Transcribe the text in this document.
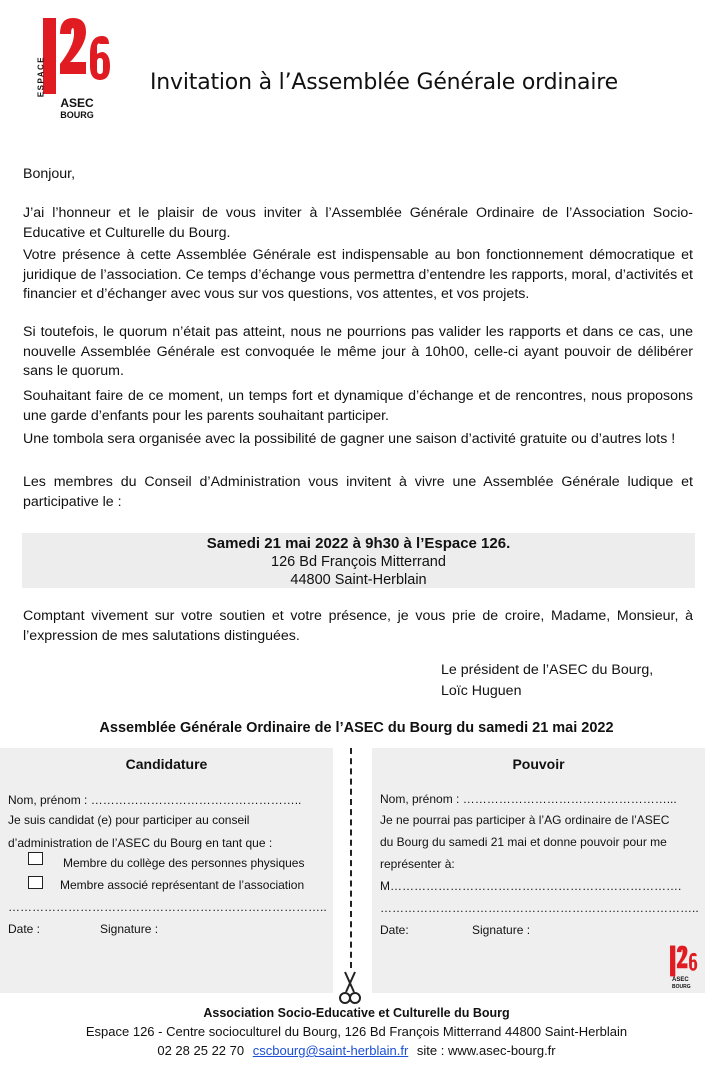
ESPACE
ASEC
BOURG
Invitation à l’Assemblée Générale ordinaire
Bonjour,
J’ai l’honneur et le plaisir de vous inviter à l’Assemblée Générale Ordinaire de l’Association Socio-Educative et Culturelle du Bourg.
Votre présence à cette Assemblée Générale est indispensable au bon fonctionnement démocratique et juridique de l’association. Ce temps d’échange vous permettra d’entendre les rapports, moral, d’activités et financier et d’échanger avec vous sur vos questions, vos attentes, et vos projets.
Si toutefois, le quorum n’était pas atteint, nous ne pourrions pas valider les rapports et dans ce cas, une nouvelle Assemblée Générale est convoquée le même jour à 10h00, celle-ci ayant pouvoir de délibérer sans le quorum.
Souhaitant faire de ce moment, un temps fort et dynamique d’échange et de rencontres, nous proposons une garde d’enfants pour les parents souhaitant participer.
Une tombola sera organisée avec la possibilité de gagner une saison d’activité gratuite ou d’autres lots !
Les membres du Conseil d’Administration vous invitent à vivre une Assemblée Générale ludique et participative le :
Samedi 21 mai 2022 à 9h30 à l’Espace 126.
126 Bd François Mitterrand
44800 Saint-Herblain
Comptant vivement sur votre soutien et votre présence, je vous prie de croire, Madame, Monsieur, à l’expression de mes salutations distinguées.
Le président de l’ASEC du Bourg,
Loïc Huguen
Assemblée Générale Ordinaire de l’ASEC du Bourg du samedi 21 mai 2022
Candidature
Nom, prénom : ……………………………………………..
Je suis candidat (e) pour participer au conseil
d’administration de l’ASEC du Bourg en tant que :
Membre du collège des personnes physiques
Membre associé représentant de l’association
……………………………………………………………………..
Date :	Signature :
Pouvoir
Nom, prénom : ……………………………………………...
Je ne pourrai pas participer à l’AG ordinaire de l’ASEC
du Bourg du samedi 21 mai et donne pouvoir pour me
représenter à:
M……………………………………………………………….
……………………………………………………………………..
Date:	Signature :
ASEC
BOURG
Association Socio-Educative et Culturelle du Bourg
Espace 126 - Centre socioculturel du Bourg, 126 Bd François Mitterrand 44800 Saint-Herblain
02 28 25 22 70 cscbourg@saint-herblain.fr site : www.asec-bourg.fr
